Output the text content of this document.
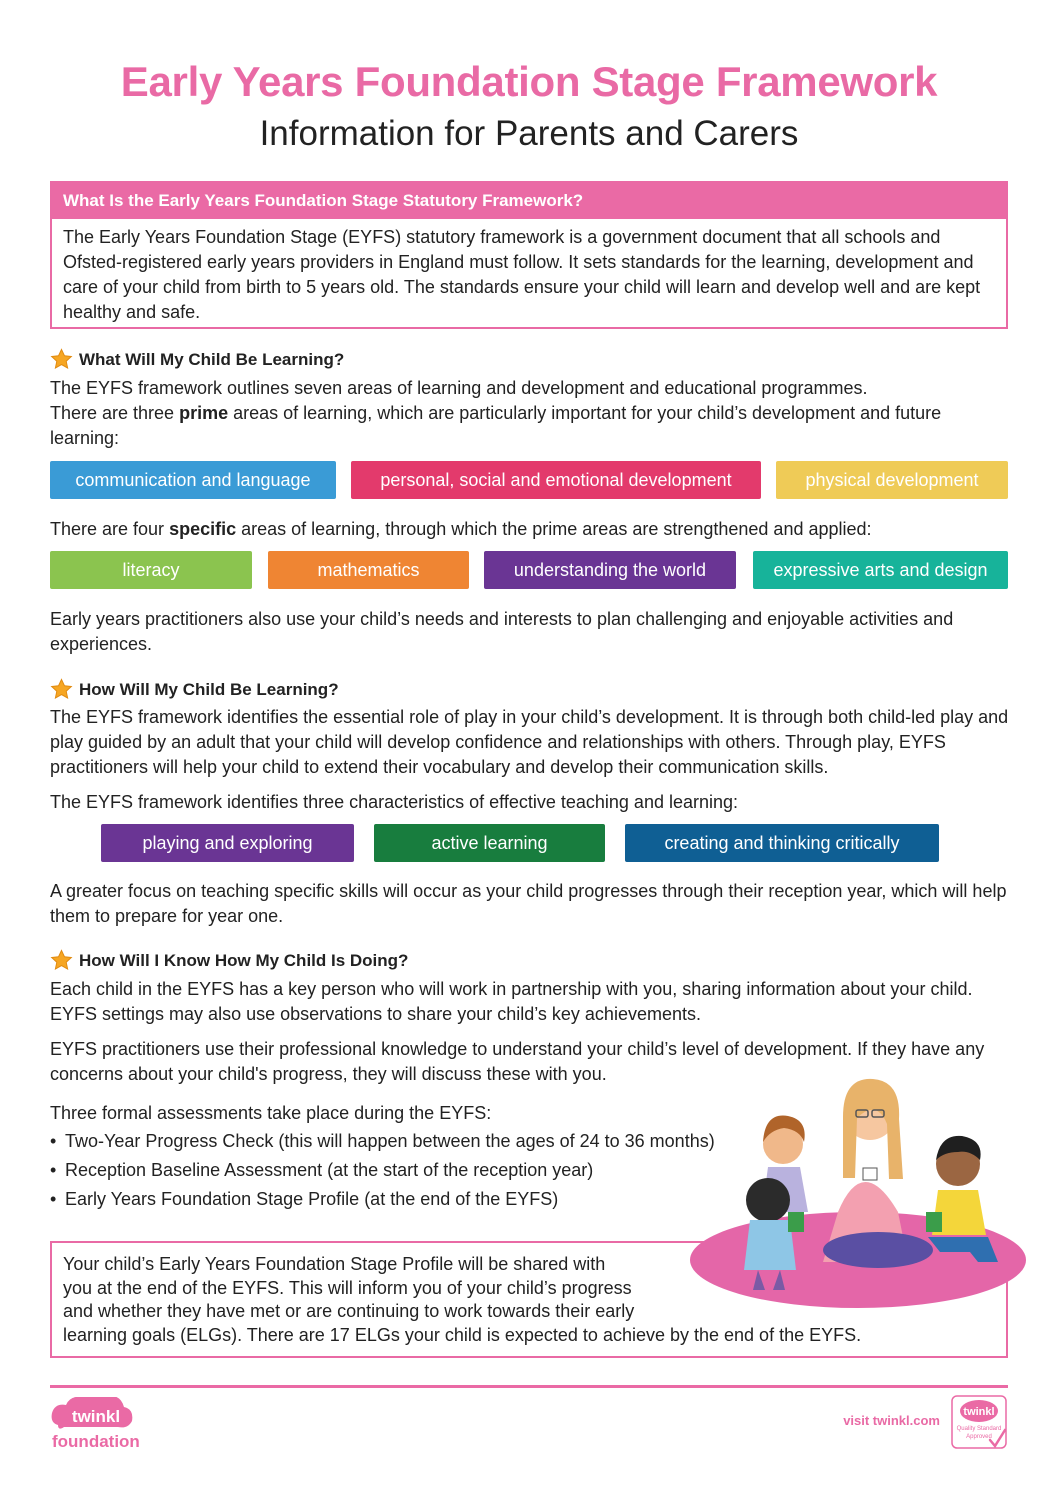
Early Years Foundation Stage Framework
Information for Parents and Carers
What Is the Early Years Foundation Stage Statutory Framework?
The Early Years Foundation Stage (EYFS) statutory framework is a government document that all schools and Ofsted-registered early years providers in England must follow. It sets standards for the learning, development and care of your child from birth to 5 years old. The standards ensure your child will learn and develop well and are kept healthy and safe.
What Will My Child Be Learning?
The EYFS framework outlines seven areas of learning and development and educational programmes.
There are three prime areas of learning, which are particularly important for your child’s development and future learning:
communication and language	personal, social and emotional development	physical development
There are four specific areas of learning, through which the prime areas are strengthened and applied:
literacy	mathematics	understanding the world	expressive arts and design
Early years practitioners also use your child’s needs and interests to plan challenging and enjoyable activities and experiences.
How Will My Child Be Learning?
The EYFS framework identifies the essential role of play in your child’s development. It is through both child-led play and play guided by an adult that your child will develop confidence and relationships with others. Through play, EYFS practitioners will help your child to extend their vocabulary and develop their communication skills.
The EYFS framework identifies three characteristics of effective teaching and learning:
playing and exploring	active learning	creating and thinking critically
A greater focus on teaching specific skills will occur as your child progresses through their reception year, which will help them to prepare for year one.
How Will I Know How My Child Is Doing?
Each child in the EYFS has a key person who will work in partnership with you, sharing information about your child. EYFS settings may also use observations to share your child’s key achievements.
EYFS practitioners use their professional knowledge to understand your child’s level of development. If they have any concerns about your child's progress, they will discuss these with you.
Three formal assessments take place during the EYFS:
• Two-Year Progress Check (this will happen between the ages of 24 to 36 months)
• Reception Baseline Assessment (at the start of the reception year)
• Early Years Foundation Stage Profile (at the end of the EYFS)
Your child’s Early Years Foundation Stage Profile will be shared with
you at the end of the EYFS. This will inform you of your child’s progress
and whether they have met or are continuing to work towards their early
learning goals (ELGs). There are 17 ELGs your child is expected to achieve by the end of the EYFS.
twinkl
foundation
visit twinkl.com
twinkl
Quality Standard
Approved
